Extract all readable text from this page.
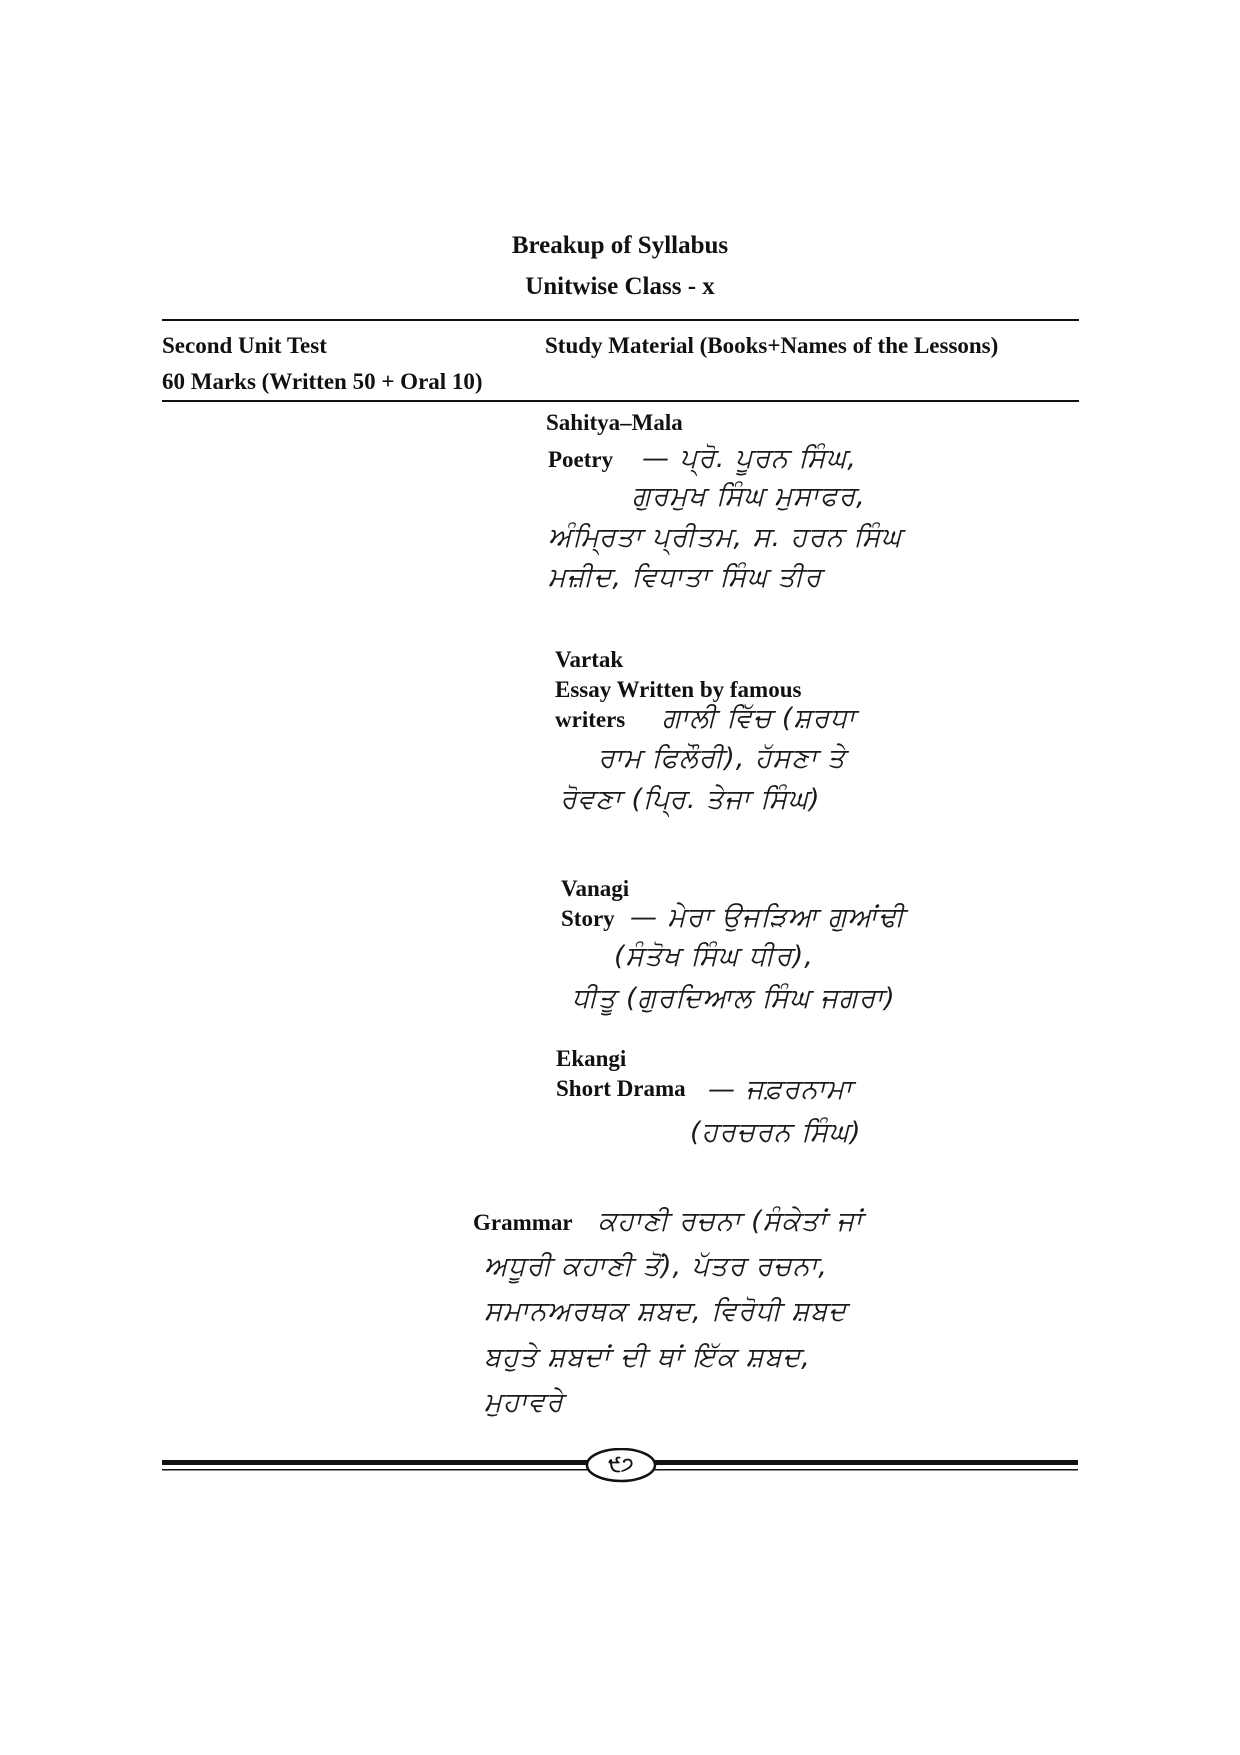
Breakup of Syllabus
Unitwise Class - x
Second Unit Test
60 Marks (Written 50 + Oral 10)
Study Material (Books+Names of the Lessons)
Sahitya–Mala
Poetry — ਪ੍ਰੋ. ਪੂਰਨ ਸਿੰਘ,
ਗੁਰਮੁਖ ਸਿੰਘ ਮੁਸਾਫਰ,
ਅੰਮ੍ਰਿਤਾ ਪ੍ਰੀਤਮ, ਸ. ਹਰਨ ਸਿੰਘ
ਮਜ਼ੀਦ, ਵਿਧਾਤਾ ਸਿੰਘ ਤੀਰ
Vartak
Essay Written by famous
writers ਗਾਲੀ ਵਿੱਚ (ਸ਼ਰਧਾ
ਰਾਮ ਫਿਲੌਰੀ), ਹੱਸਣਾ ਤੇ
ਰੋਵਣਾ (ਪ੍ਰਿ. ਤੇਜਾ ਸਿੰਘ)
Vanagi
Story — ਮੇਰਾ ਉਜੜਿਆ ਗੁਆਂਢੀ
(ਸੰਤੋਖ ਸਿੰਘ ਧੀਰ),
ਧੀਤੂ (ਗੁਰਦਿਆਲ ਸਿੰਘ ਜਗਰਾ)
Ekangi
Short Drama — ਜਫ਼ਰਨਾਮਾ
(ਹਰਚਰਨ ਸਿੰਘ)
Grammar ਕਹਾਣੀ ਰਚਨਾ (ਸੰਕੇਤਾਂ ਜਾਂ
ਅਧੂਰੀ ਕਹਾਣੀ ਤੋਂ), ਪੱਤਰ ਰਚਨਾ,
ਸਮਾਨਅਰਥਕ ਸ਼ਬਦ, ਵਿਰੋਧੀ ਸ਼ਬਦ
ਬਹੁਤੇ ਸ਼ਬਦਾਂ ਦੀ ਥਾਂ ਇੱਕ ਸ਼ਬਦ,
ਮੁਹਾਵਰੇ
੯੭
